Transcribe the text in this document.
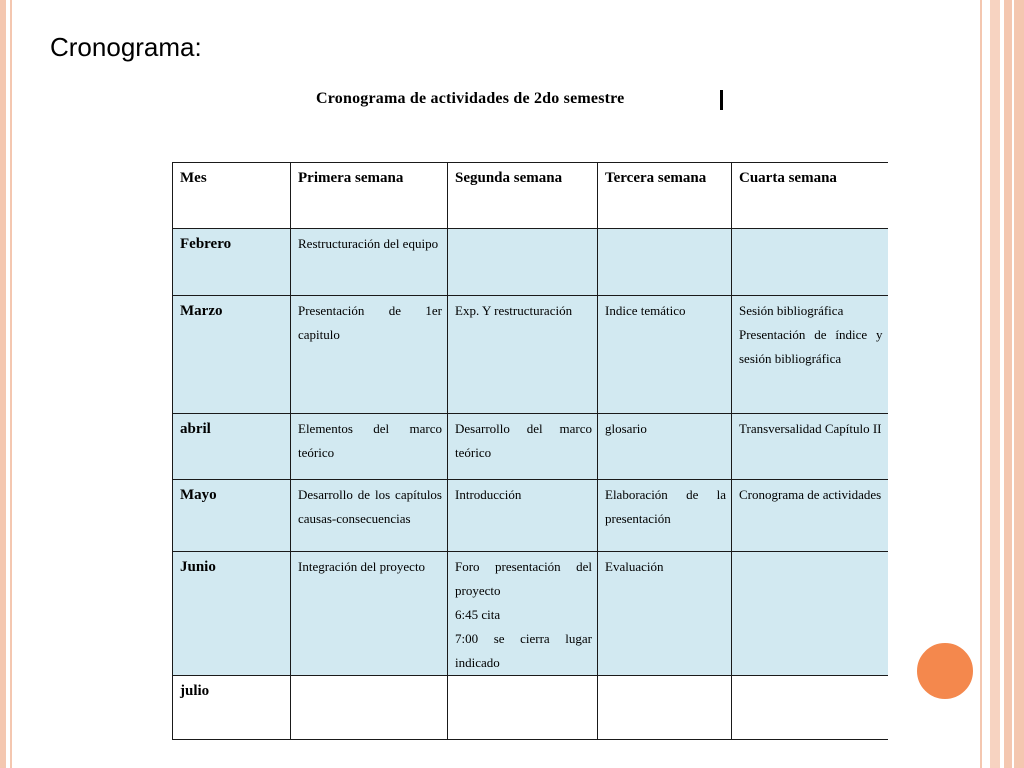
Cronograma:
Cronograma de actividades de 2do semestre
Mes	Primera semana	Segunda semana	Tercera semana	Cuarta semana
Febrero	Restructuración del equipo			

Marzo	Presentación de 1er capitulo	Exp. Y restructuración	Indice temático	Sesión bibliográfica
Presentación de índice y sesión bibliográfica

abril	Elementos del marco teórico	Desarrollo del marco teórico	glosario	Transversalidad Capítulo II

Mayo	Desarrollo de los capítulos causas-consecuencias	Introducción	Elaboración de la presentación	Cronograma de actividades

Junio	Integración del proyecto	Foro presentación del proyecto
6:45 cita
7:00 se cierra lugar indicado	Evaluación	

julio	
